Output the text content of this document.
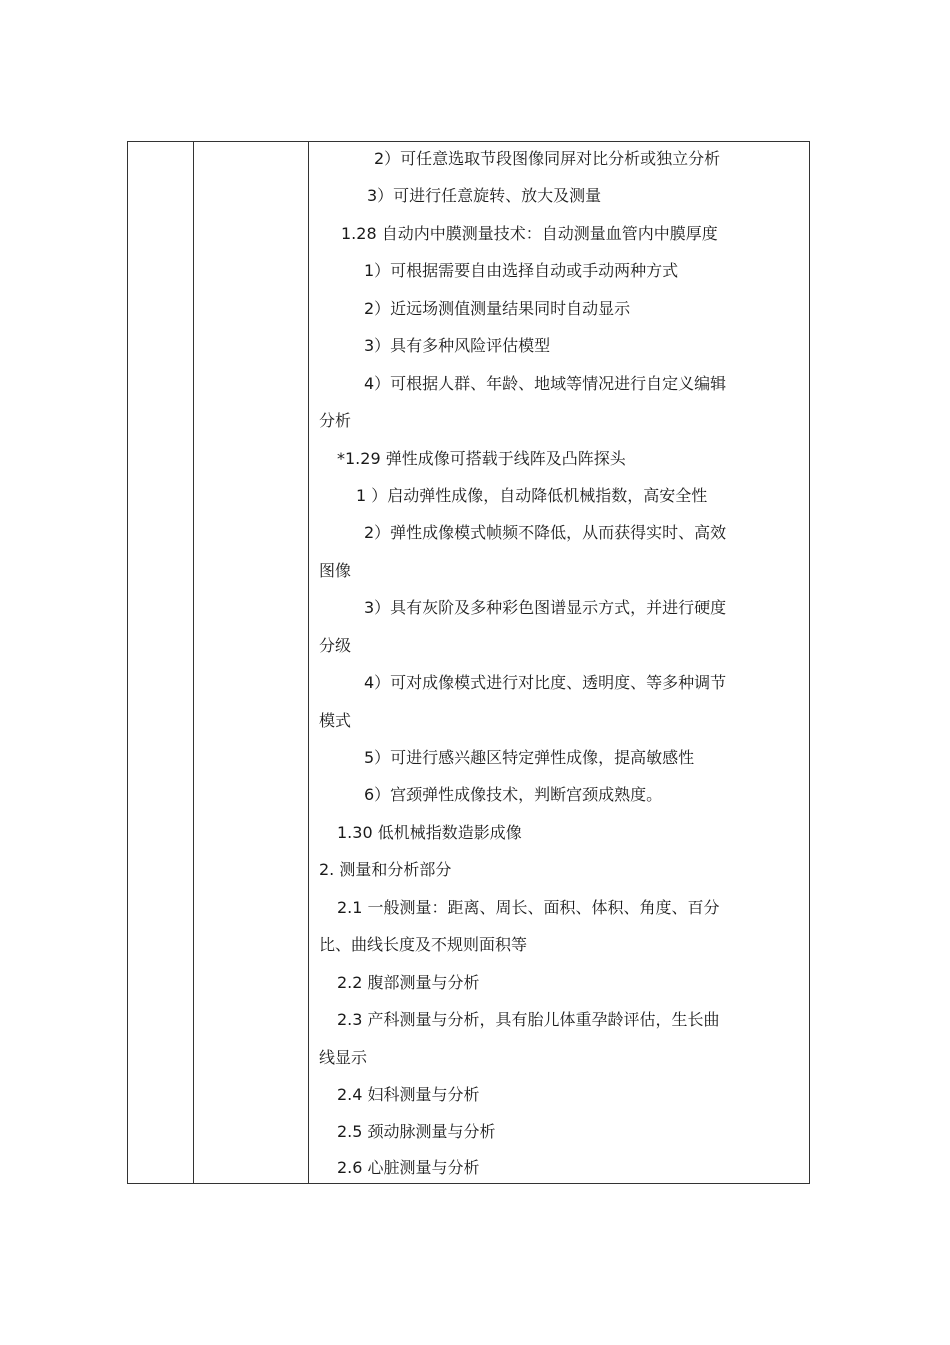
2）可任意选取节段图像同屏对比分析或独立分析
3）可进行任意旋转、放大及测量
1.28 自动内中膜测量技术：自动测量血管内中膜厚度
1）可根据需要自由选择自动或手动两种方式
2）近远场测值测量结果同时自动显示
3）具有多种风险评估模型
4）可根据人群、年龄、地域等情况进行自定义编辑
分析
*1.29 弹性成像可搭载于线阵及凸阵探头
1 ）启动弹性成像，自动降低机械指数，高安全性
2）弹性成像模式帧频不降低，从而获得实时、高效
图像
3）具有灰阶及多种彩色图谱显示方式，并进行硬度
分级
4）可对成像模式进行对比度、透明度、等多种调节
模式
5）可进行感兴趣区特定弹性成像，提高敏感性
6）宫颈弹性成像技术，判断宫颈成熟度。
1.30 低机械指数造影成像
2. 测量和分析部分
2.1 一般测量：距离、周长、面积、体积、角度、百分
比、曲线长度及不规则面积等
2.2 腹部测量与分析
2.3 产科测量与分析，具有胎儿体重孕龄评估，生长曲
线显示
2.4 妇科测量与分析
2.5 颈动脉测量与分析
2.6 心脏测量与分析
